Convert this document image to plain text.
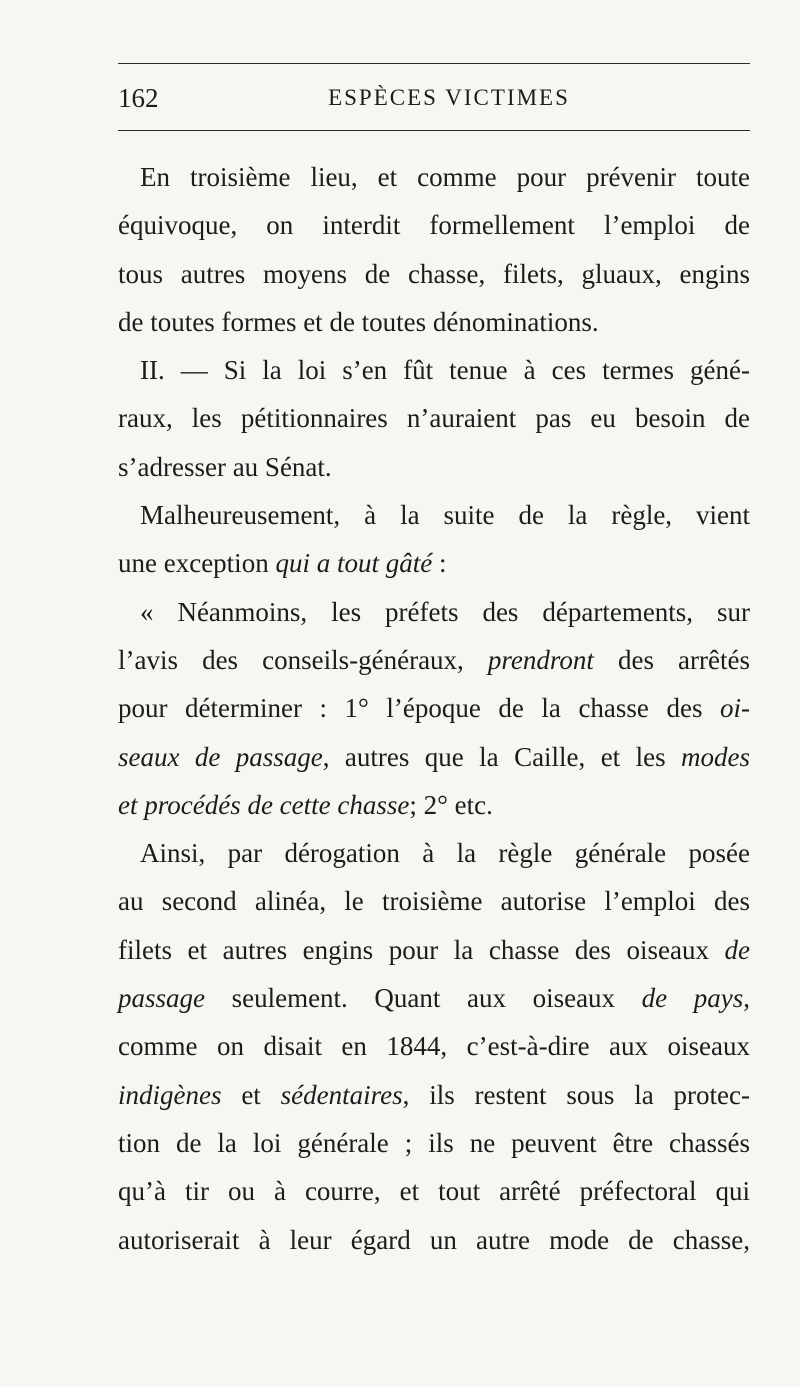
162	ESPÈCES VICTIMES
En troisième lieu, et comme pour prévenir toute
équivoque, on interdit formellement l’emploi de
tous autres moyens de chasse, filets, gluaux, engins
de toutes formes et de toutes dénominations.
II. — Si la loi s’en fût tenue à ces termes géné-
raux, les pétitionnaires n’auraient pas eu besoin de
s’adresser au Sénat.
Malheureusement, à la suite de la règle, vient
une exception qui a tout gâté :
« Néanmoins, les préfets des départements, sur
l’avis des conseils-généraux, prendront des arrêtés
pour déterminer : 1° l’époque de la chasse des oi-
seaux de passage, autres que la Caille, et les modes
et procédés de cette chasse; 2° etc.
Ainsi, par dérogation à la règle générale posée
au second alinéa, le troisième autorise l’emploi des
filets et autres engins pour la chasse des oiseaux de
passage seulement. Quant aux oiseaux de pays,
comme on disait en 1844, c’est-à-dire aux oiseaux
indigènes et sédentaires, ils restent sous la protec-
tion de la loi générale ; ils ne peuvent être chassés
qu’à tir ou à courre, et tout arrêté préfectoral qui
autoriserait à leur égard un autre mode de chasse,
